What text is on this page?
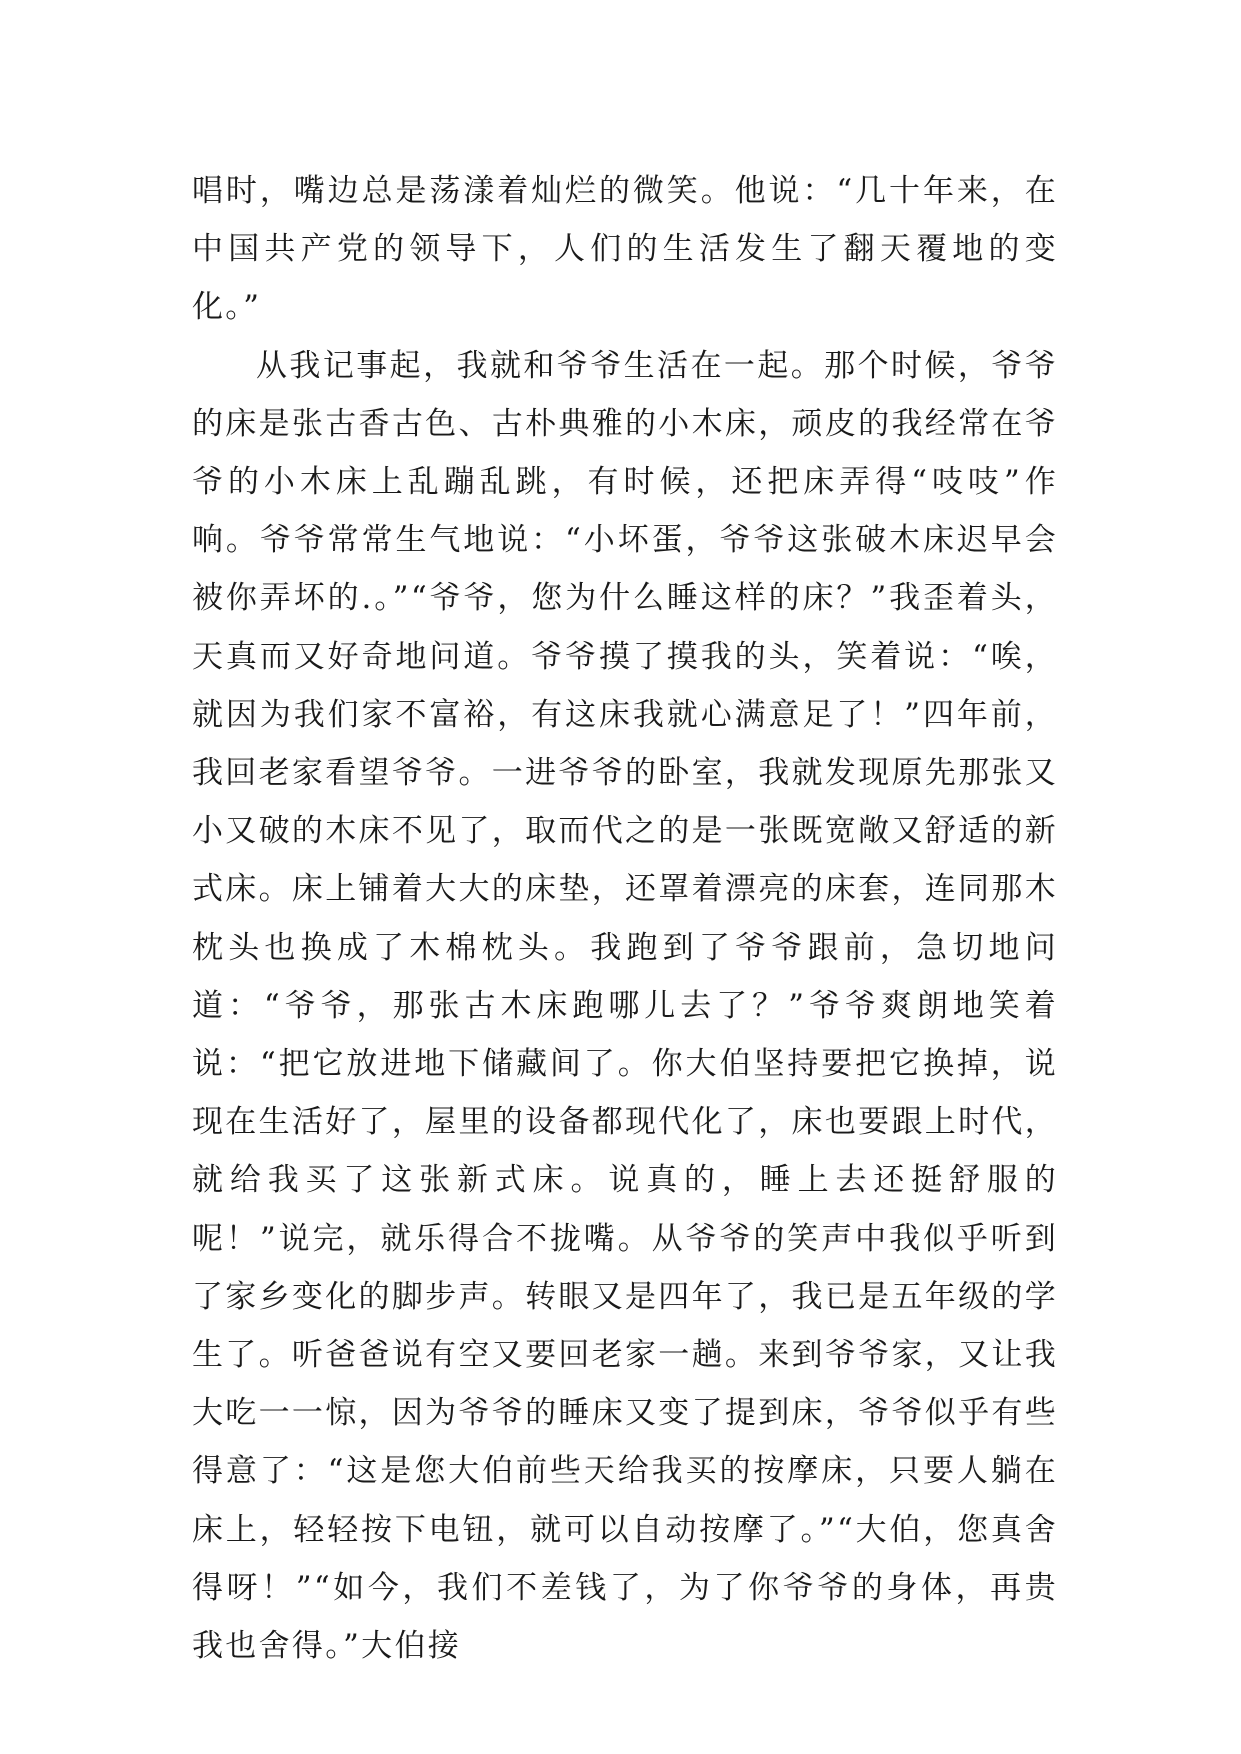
唱时，嘴边总是荡漾着灿烂的微笑。他说：“几十年来，在中国共产党的领导下，人们的生活发生了翻天覆地的变化。”

从我记事起，我就和爷爷生活在一起。那个时候，爷爷的床是张古香古色、古朴典雅的小木床，顽皮的我经常在爷爷的小木床上乱蹦乱跳，有时候，还把床弄得“吱吱”作响。爷爷常常生气地说：“小坏蛋，爷爷这张破木床迟早会被你弄坏的.。”“爷爷，您为什么睡这样的床？”我歪着头，天真而又好奇地问道。爷爷摸了摸我的头，笑着说：“唉，就因为我们家不富裕，有这床我就心满意足了！”四年前，我回老家看望爷爷。一进爷爷的卧室，我就发现原先那张又小又破的木床不见了，取而代之的是一张既宽敞又舒适的新式床。床上铺着大大的床垫，还罩着漂亮的床套，连同那木枕头也换成了木棉枕头。我跑到了爷爷跟前，急切地问道：“爷爷，那张古木床跑哪儿去了？”爷爷爽朗地笑着说：“把它放进地下储藏间了。你大伯坚持要把它换掉，说现在生活好了，屋里的设备都现代化了，床也要跟上时代，就给我买了这张新式床。说真的，睡上去还挺舒服的呢！”说完，就乐得合不拢嘴。从爷爷的笑声中我似乎听到了家乡变化的脚步声。转眼又是四年了，我已是五年级的学生了。听爸爸说有空又要回老家一趟。来到爷爷家，又让我大吃一一惊，因为爷爷的睡床又变了提到床，爷爷似乎有些得意了：“这是您大伯前些天给我买的按摩床，只要人躺在床上，轻轻按下电钮，就可以自动按摩了。”“大伯，您真舍得呀！”“如今，我们不差钱了，为了你爷爷的身体，再贵我也舍得。”大伯接
